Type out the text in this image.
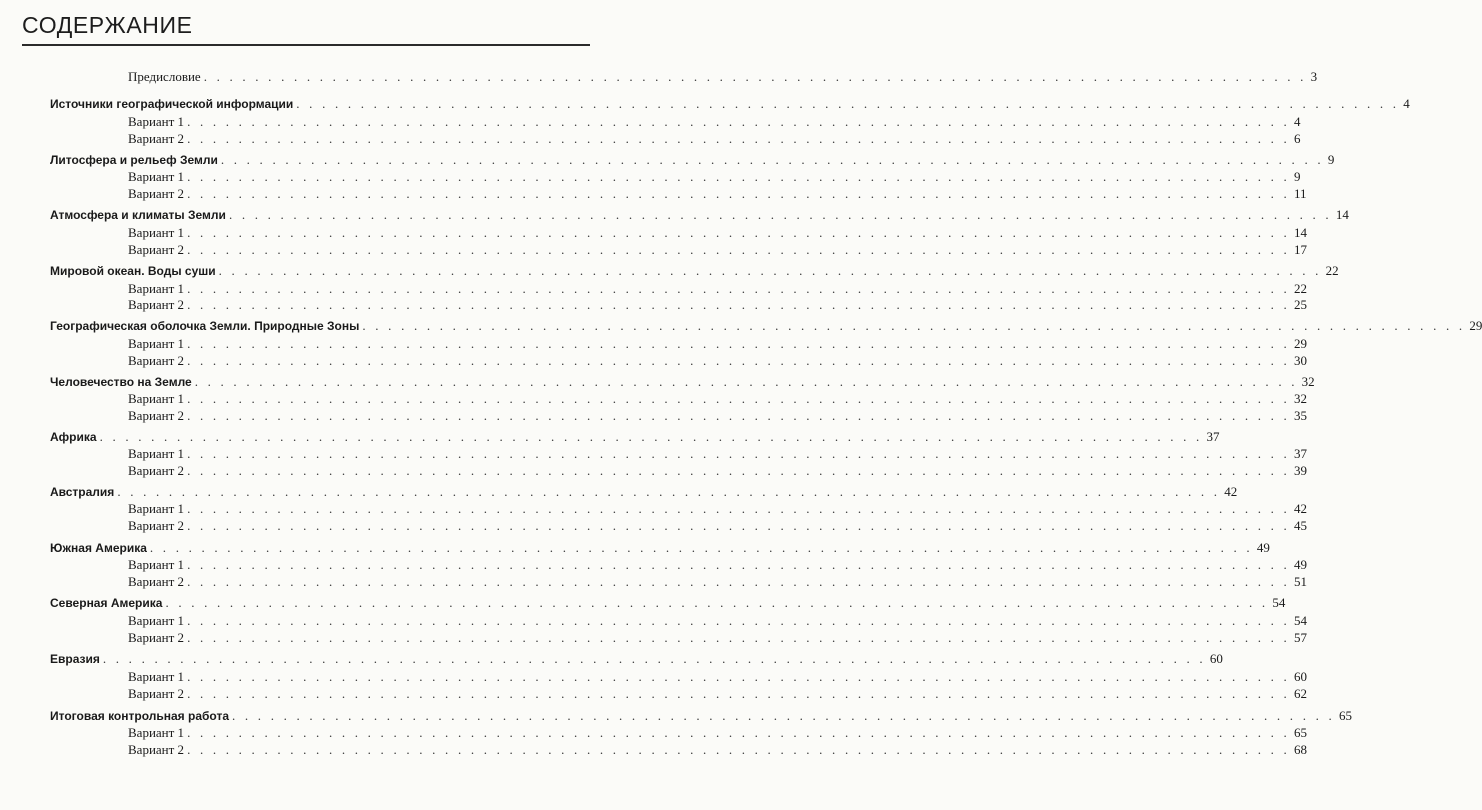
СОДЕРЖАНИЕ
Предисловие . . . . . . . . . . . . . . . . . . . . . . . . . . . . . . . . . . . . . . . . . . . . . . . . . . . . . . . . . . . . . . . . . . . . . . . . . . . . . . . . . . . . . . 3
Источники географической информации . . . . . . . . . . . . . . . . . . . . . . . . . . . . . . . . . . . . . . . . . . . . . . . . . . . . . . . . . . . . . . . . . . . . . . . . . . . . . . . . . . . . . . 4
Вариант 1 . . . . . . . . . . . . . . . . . . . . . . . . . . . . . . . . . . . . . . . . . . . . . . . . . . . . . . . . . . . . . . . . . . . . . . . . . . . . . . . . . . . . . . 4
Вариант 2 . . . . . . . . . . . . . . . . . . . . . . . . . . . . . . . . . . . . . . . . . . . . . . . . . . . . . . . . . . . . . . . . . . . . . . . . . . . . . . . . . . . . . . 6
Литосфера и рельеф Земли . . . . . . . . . . . . . . . . . . . . . . . . . . . . . . . . . . . . . . . . . . . . . . . . . . . . . . . . . . . . . . . . . . . . . . . . . . . . . . . . . . . . . . 9
Вариант 1 . . . . . . . . . . . . . . . . . . . . . . . . . . . . . . . . . . . . . . . . . . . . . . . . . . . . . . . . . . . . . . . . . . . . . . . . . . . . . . . . . . . . . . 9
Вариант 2 . . . . . . . . . . . . . . . . . . . . . . . . . . . . . . . . . . . . . . . . . . . . . . . . . . . . . . . . . . . . . . . . . . . . . . . . . . . . . . . . . . . . . . 11
Атмосфера и климаты Земли . . . . . . . . . . . . . . . . . . . . . . . . . . . . . . . . . . . . . . . . . . . . . . . . . . . . . . . . . . . . . . . . . . . . . . . . . . . . . . . . . . . . . . 14
Вариант 1 . . . . . . . . . . . . . . . . . . . . . . . . . . . . . . . . . . . . . . . . . . . . . . . . . . . . . . . . . . . . . . . . . . . . . . . . . . . . . . . . . . . . . . 14
Вариант 2 . . . . . . . . . . . . . . . . . . . . . . . . . . . . . . . . . . . . . . . . . . . . . . . . . . . . . . . . . . . . . . . . . . . . . . . . . . . . . . . . . . . . . . 17
Мировой океан. Воды суши . . . . . . . . . . . . . . . . . . . . . . . . . . . . . . . . . . . . . . . . . . . . . . . . . . . . . . . . . . . . . . . . . . . . . . . . . . . . . . . . . . . . . . 22
Вариант 1 . . . . . . . . . . . . . . . . . . . . . . . . . . . . . . . . . . . . . . . . . . . . . . . . . . . . . . . . . . . . . . . . . . . . . . . . . . . . . . . . . . . . . . 22
Вариант 2 . . . . . . . . . . . . . . . . . . . . . . . . . . . . . . . . . . . . . . . . . . . . . . . . . . . . . . . . . . . . . . . . . . . . . . . . . . . . . . . . . . . . . . 25
Географическая оболочка Земли. Природные Зоны . . . . . . . . . . . . . . . . . . . . . . . . . . . . . . . . . . . . . . . . . . . . . . . . . . . . . . . . . . . . . . . . . . . . . . . . . . . . . . . . . . . . . . 29
Вариант 1 . . . . . . . . . . . . . . . . . . . . . . . . . . . . . . . . . . . . . . . . . . . . . . . . . . . . . . . . . . . . . . . . . . . . . . . . . . . . . . . . . . . . . . 29
Вариант 2 . . . . . . . . . . . . . . . . . . . . . . . . . . . . . . . . . . . . . . . . . . . . . . . . . . . . . . . . . . . . . . . . . . . . . . . . . . . . . . . . . . . . . . 30
Человечество на Земле . . . . . . . . . . . . . . . . . . . . . . . . . . . . . . . . . . . . . . . . . . . . . . . . . . . . . . . . . . . . . . . . . . . . . . . . . . . . . . . . . . . . . . 32
Вариант 1 . . . . . . . . . . . . . . . . . . . . . . . . . . . . . . . . . . . . . . . . . . . . . . . . . . . . . . . . . . . . . . . . . . . . . . . . . . . . . . . . . . . . . . 32
Вариант 2 . . . . . . . . . . . . . . . . . . . . . . . . . . . . . . . . . . . . . . . . . . . . . . . . . . . . . . . . . . . . . . . . . . . . . . . . . . . . . . . . . . . . . . 35
Африка . . . . . . . . . . . . . . . . . . . . . . . . . . . . . . . . . . . . . . . . . . . . . . . . . . . . . . . . . . . . . . . . . . . . . . . . . . . . . . . . . . . . . . 37
Вариант 1 . . . . . . . . . . . . . . . . . . . . . . . . . . . . . . . . . . . . . . . . . . . . . . . . . . . . . . . . . . . . . . . . . . . . . . . . . . . . . . . . . . . . . . 37
Вариант 2 . . . . . . . . . . . . . . . . . . . . . . . . . . . . . . . . . . . . . . . . . . . . . . . . . . . . . . . . . . . . . . . . . . . . . . . . . . . . . . . . . . . . . . 39
Австралия . . . . . . . . . . . . . . . . . . . . . . . . . . . . . . . . . . . . . . . . . . . . . . . . . . . . . . . . . . . . . . . . . . . . . . . . . . . . . . . . . . . . . . 42
Вариант 1 . . . . . . . . . . . . . . . . . . . . . . . . . . . . . . . . . . . . . . . . . . . . . . . . . . . . . . . . . . . . . . . . . . . . . . . . . . . . . . . . . . . . . . 42
Вариант 2 . . . . . . . . . . . . . . . . . . . . . . . . . . . . . . . . . . . . . . . . . . . . . . . . . . . . . . . . . . . . . . . . . . . . . . . . . . . . . . . . . . . . . . 45
Южная Америка . . . . . . . . . . . . . . . . . . . . . . . . . . . . . . . . . . . . . . . . . . . . . . . . . . . . . . . . . . . . . . . . . . . . . . . . . . . . . . . . . . . . . . 49
Вариант 1 . . . . . . . . . . . . . . . . . . . . . . . . . . . . . . . . . . . . . . . . . . . . . . . . . . . . . . . . . . . . . . . . . . . . . . . . . . . . . . . . . . . . . . 49
Вариант 2 . . . . . . . . . . . . . . . . . . . . . . . . . . . . . . . . . . . . . . . . . . . . . . . . . . . . . . . . . . . . . . . . . . . . . . . . . . . . . . . . . . . . . . 51
Северная Америка . . . . . . . . . . . . . . . . . . . . . . . . . . . . . . . . . . . . . . . . . . . . . . . . . . . . . . . . . . . . . . . . . . . . . . . . . . . . . . . . . . . . . . 54
Вариант 1 . . . . . . . . . . . . . . . . . . . . . . . . . . . . . . . . . . . . . . . . . . . . . . . . . . . . . . . . . . . . . . . . . . . . . . . . . . . . . . . . . . . . . . 54
Вариант 2 . . . . . . . . . . . . . . . . . . . . . . . . . . . . . . . . . . . . . . . . . . . . . . . . . . . . . . . . . . . . . . . . . . . . . . . . . . . . . . . . . . . . . . 57
Евразия . . . . . . . . . . . . . . . . . . . . . . . . . . . . . . . . . . . . . . . . . . . . . . . . . . . . . . . . . . . . . . . . . . . . . . . . . . . . . . . . . . . . . . 60
Вариант 1 . . . . . . . . . . . . . . . . . . . . . . . . . . . . . . . . . . . . . . . . . . . . . . . . . . . . . . . . . . . . . . . . . . . . . . . . . . . . . . . . . . . . . . 60
Вариант 2 . . . . . . . . . . . . . . . . . . . . . . . . . . . . . . . . . . . . . . . . . . . . . . . . . . . . . . . . . . . . . . . . . . . . . . . . . . . . . . . . . . . . . . 62
Итоговая контрольная работа . . . . . . . . . . . . . . . . . . . . . . . . . . . . . . . . . . . . . . . . . . . . . . . . . . . . . . . . . . . . . . . . . . . . . . . . . . . . . . . . . . . . . . 65
Вариант 1 . . . . . . . . . . . . . . . . . . . . . . . . . . . . . . . . . . . . . . . . . . . . . . . . . . . . . . . . . . . . . . . . . . . . . . . . . . . . . . . . . . . . . . 65
Вариант 2 . . . . . . . . . . . . . . . . . . . . . . . . . . . . . . . . . . . . . . . . . . . . . . . . . . . . . . . . . . . . . . . . . . . . . . . . . . . . . . . . . . . . . . 68
